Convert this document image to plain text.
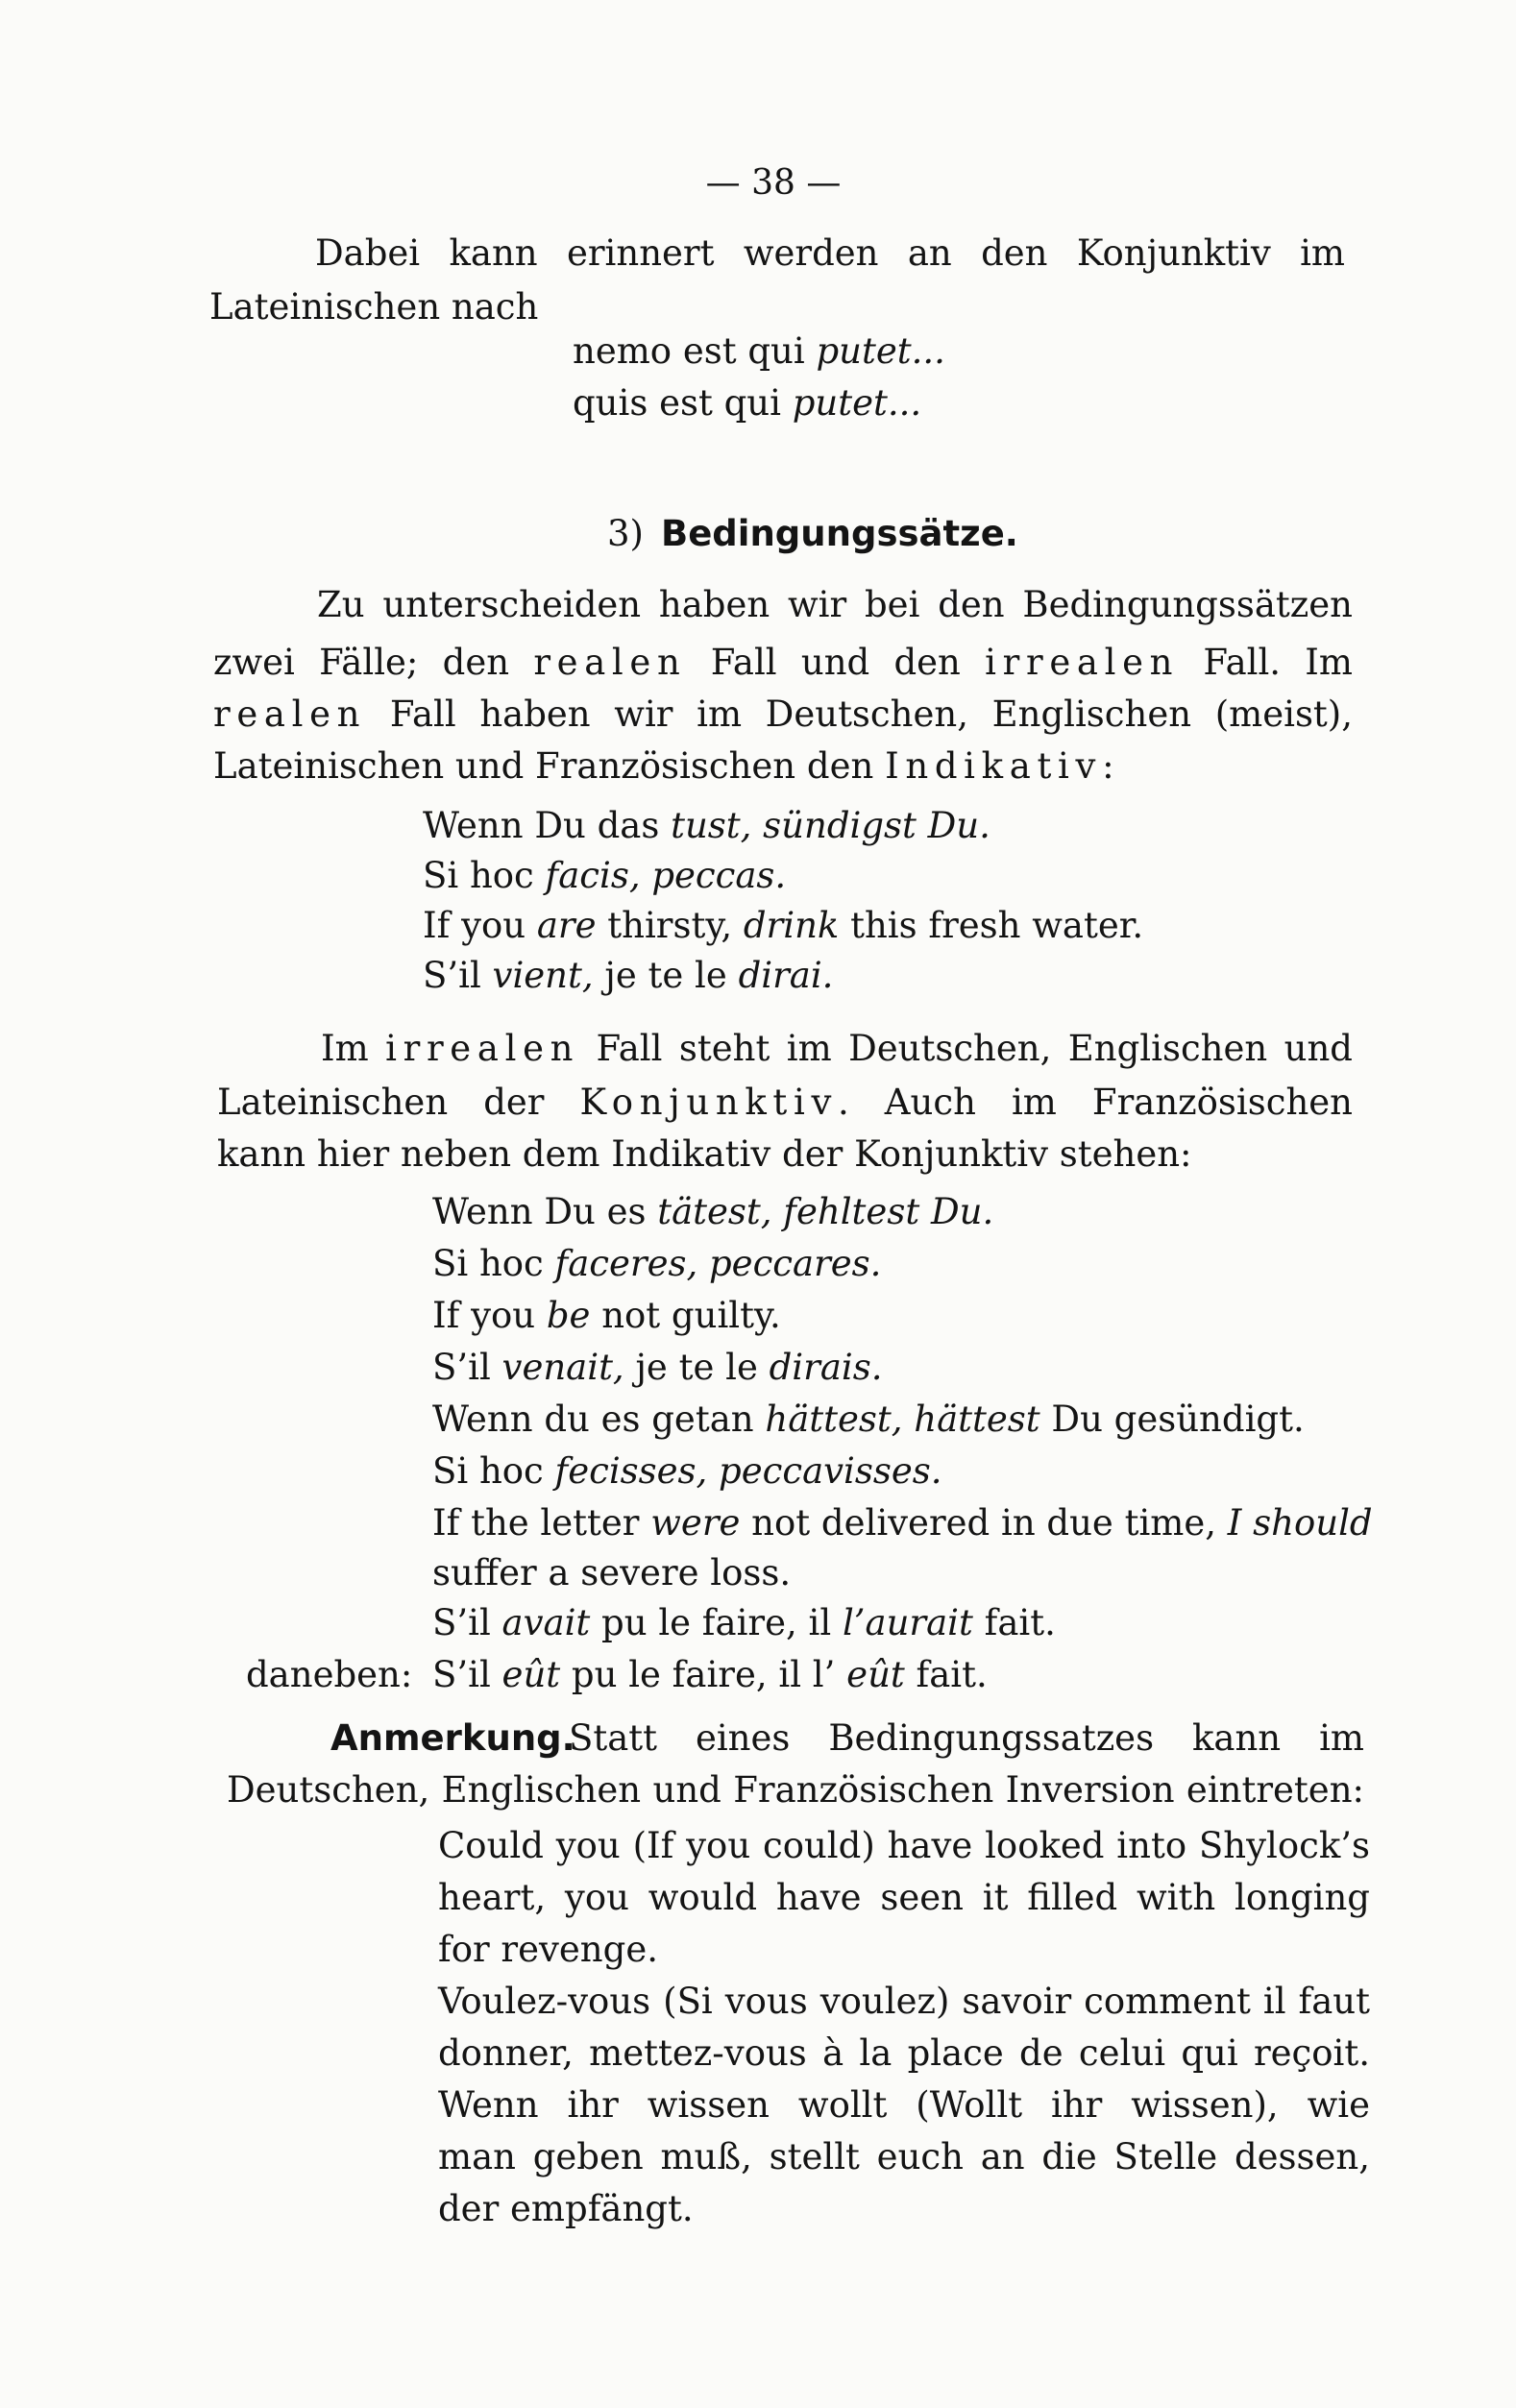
— 38 —
Dabei kann erinnert werden an den Konjunktiv im
Lateinischen nach
nemo est qui putet...
quis est qui putet...
3) Bedingungssätze.
Zu unterscheiden haben wir bei den Bedingungssätzen
zwei Fälle; den realen Fall und den irrealen Fall. Im
realen Fall haben wir im Deutschen, Englischen (meist),
Lateinischen und Französischen den Indikativ:
Wenn Du das tust, sündigst Du.
Si hoc facis, peccas.
If you are thirsty, drink this fresh water.
S’il vient, je te le dirai.
Im irrealen Fall steht im Deutschen, Englischen und
Lateinischen der Konjunktiv. Auch im Französischen
kann hier neben dem Indikativ der Konjunktiv stehen:
Wenn Du es tätest, fehltest Du.
Si hoc faceres, peccares.
If you be not guilty.
S’il venait, je te le dirais.
Wenn du es getan hättest, hättest Du gesündigt.
Si hoc fecisses, peccavisses.
If the letter were not delivered in due time, I should
suffer a severe loss.
S’il avait pu le faire, il l’aurait fait.
daneben: S’il eût pu le faire, il l’ eût fait.
Anmerkung.
Statt eines Bedingungssatzes kann im
Deutschen, Englischen und Französischen Inversion eintreten:
Could you (If you could) have looked into Shylock’s
heart, you would have seen it filled with longing
for revenge.
Voulez-vous (Si vous voulez) savoir comment il faut
donner, mettez-vous à la place de celui qui reçoit.
Wenn ihr wissen wollt (Wollt ihr wissen), wie
man geben muß, stellt euch an die Stelle dessen,
der empfängt.
